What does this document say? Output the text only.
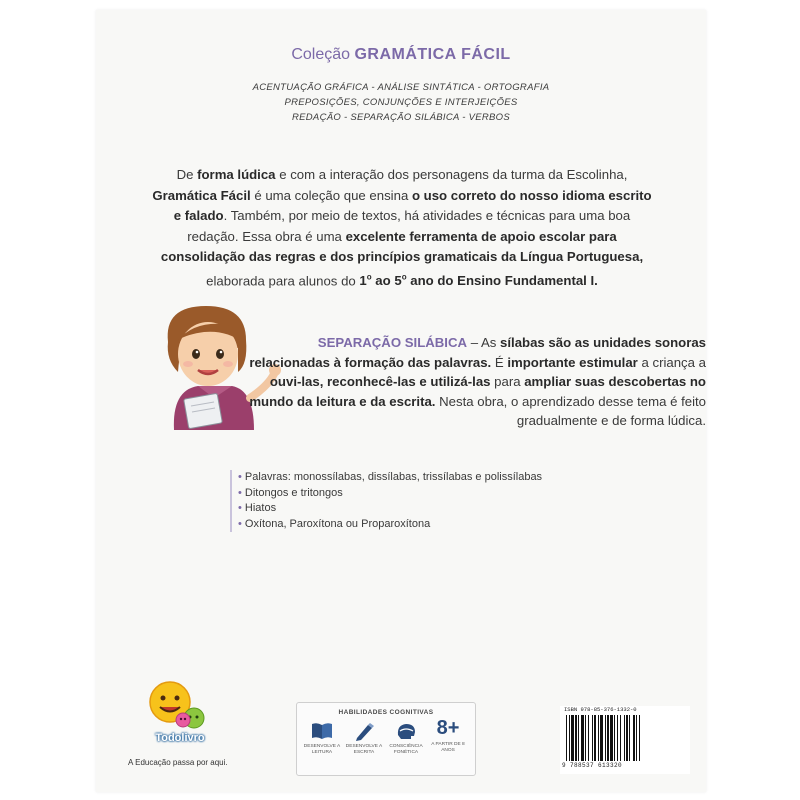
Coleção GRAMÁTICA FÁCIL
ACENTUAÇÃO GRÁFICA - ANÁLISE SINTÁTICA - ORTOGRAFIA
PREPOSIÇÕES, CONJUNÇÕES E INTERJEIÇÕES
REDAÇÃO - SEPARAÇÃO SILÁBICA - VERBOS
De forma lúdica e com a interação dos personagens da turma da Escolinha, Gramática Fácil é uma coleção que ensina o uso correto do nosso idioma escrito e falado. Também, por meio de textos, há atividades e técnicas para uma boa redação. Essa obra é uma excelente ferramenta de apoio escolar para consolidação das regras e dos princípios gramaticais da Língua Portuguesa, elaborada para alunos do 1$^o$ ao 5$^o$ ano do Ensino Fundamental I.
SEPARAÇÃO SILÁBICA – As sílabas são as unidades sonoras relacionadas à formação das palavras. É importante estimular a criança a ouvi-las, reconhecê-las e utilizá-las para ampliar suas descobertas no mundo da leitura e da escrita. Nesta obra, o aprendizado desse tema é feito gradualmente e de forma lúdica.
• Palavras: monossílabas, dissílabas, trissílabas e polissílabas
• Ditongos e tritongos
• Hiatos
• Oxítona, Paroxítona ou Proparoxítona
Todolivro
A Educação passa por aqui.
HABILIDADES COGNITIVAS
DESENVOLVE A LEITURA
DESENVOLVE A ESCRITA
CONSCIÊNCIA FONÉTICA
8+
A PARTIR DE 8 ANOS
ISBN 978-85-376-1332-0
9 788537 613320
